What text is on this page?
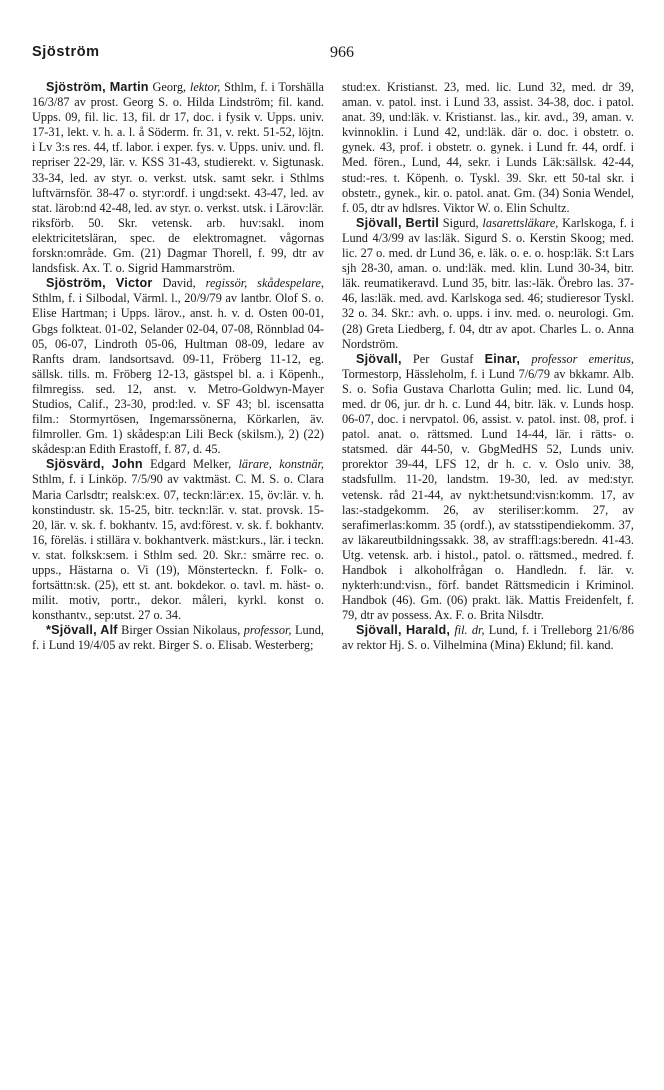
Sjöström	966

Sjöström, Martin Georg, lektor, Sthlm, f. i Torshälla 16/3/87 av prost. Georg S. o. Hilda Lindström; fil. kand. Upps. 09, fil. lic. 13, fil. dr 17, doc. i fysik v. Upps. univ. 17-31, lekt. v. h. a. l. å Söderm. fr. 31, v. rekt. 51-52, löjtn. i Lv 3:s res. 44, tf. labor. i exper. fys. v. Upps. univ. und. fl. repriser 22-29, lär. v. KSS 31-43, studierekt. v. Sigtunask. 33-34, led. av styr. o. verkst. utsk. samt sekr. i Sthlms luftvärnsför. 38-47 o. styr:ordf. i ungd:sekt. 43-47, led. av stat. lärob:nd 42-48, led. av styr. o. verkst. utsk. i Lärov:lär. riksförb. 50. Skr. vetensk. arb. huv:sakl. inom elektricitetsläran, spec. de elektromagnet. vågornas forskn:område. Gm. (21) Dagmar Thorell, f. 99, dtr av landsfisk. Ax. T. o. Sigrid Hammarström.

Sjöström, Victor David, regissör, skådespelare, Sthlm, f. i Silbodal, Värml. l., 20/9/79 av lantbr. Olof S. o. Elise Hartman; i Upps. lärov., anst. h. v. d. Osten 00-01, Gbgs folkteat. 01-02, Selander 02-04, 07-08, Rönnblad 04-05, 06-07, Lindroth 05-06, Hultman 08-09, ledare av Ranfts dram. landsortsavd. 09-11, Fröberg 11-12, eg. sällsk. tills. m. Fröberg 12-13, gästspel bl. a. i Köpenh., filmregiss. sed. 12, anst. v. Metro-Goldwyn-Mayer Studios, Calif., 23-30, prod:led. v. SF 43; bl. iscensatta film.: Stormyrtösen, Ingemarssönerna, Körkarlen, äv. filmroller. Gm. 1) skådesp:an Lili Beck (skilsm.), 2) (22) skådesp:an Edith Erastoff, f. 87, d. 45.

Sjösvärd, John Edgard Melker, lärare, konstnär, Sthlm, f. i Linköp. 7/5/90 av vaktmäst. C. M. S. o. Clara Maria Carlsdtr; realsk:ex. 07, teckn:lär:ex. 15, öv:lär. v. h. konstindustr. sk. 15-25, bitr. teckn:lär. v. stat. provsk. 15-20, lär. v. sk. f. bokhantv. 15, avd:förest. v. sk. f. bokhantv. 16, föreläs. i stillära v. bokhantverk. mäst:kurs., lär. i teckn. v. stat. folksk:sem. i Sthlm sed. 20. Skr.: smärre rec. o. upps., Hästarna o. Vi (19), Mönsterteckn. f. Folk- o. fortsättn:sk. (25), ett st. ant. bokdekor. o. tavl. m. häst- o. milit. motiv, portr., dekor. måleri, kyrkl. konst o. konsthantv., sep:utst. 27 o. 34.

*Sjövall, Alf Birger Ossian Nikolaus, professor, Lund, f. i Lund 19/4/05 av rekt. Birger S. o. Elisab. Westerberg;

stud:ex. Kristianst. 23, med. lic. Lund 32, med. dr 39, aman. v. patol. inst. i Lund 33, assist. 34-38, doc. i patol. anat. 39, und:läk. v. Kristianst. las., kir. avd., 39, aman. v. kvinnoklin. i Lund 42, und:läk. där o. doc. i obstetr. o. gynek. 43, prof. i obstetr. o. gynek. i Lund fr. 44, ordf. i Med. fören., Lund, 44, sekr. i Lunds Läk:sällsk. 42-44, stud:-res. t. Köpenh. o. Tyskl. 39. Skr. ett 50-tal skr. i obstetr., gynek., kir. o. patol. anat. Gm. (34) Sonia Wendel, f. 05, dtr av hdlsres. Viktor W. o. Elin Schultz.

Sjövall, Bertil Sigurd, lasarettsläkare, Karlskoga, f. i Lund 4/3/99 av las:läk. Sigurd S. o. Kerstin Skoog; med. lic. 27 o. med. dr Lund 36, e. läk. o. e. o. hosp:läk. S:t Lars sjh 28-30, aman. o. und:läk. med. klin. Lund 30-34, bitr. läk. reumatikeravd. Lund 35, bitr. las:-läk. Örebro las. 37-46, las:läk. med. avd. Karlskoga sed. 46; studieresor Tyskl. 32 o. 34. Skr.: avh. o. upps. i inv. med. o. neurologi. Gm. (28) Greta Liedberg, f. 04, dtr av apot. Charles L. o. Anna Nordström.

Sjövall, Per Gustaf Einar, professor emeritus, Tormestorp, Hässleholm, f. i Lund 7/6/79 av bkkamr. Alb. S. o. Sofia Gustava Charlotta Gulin; med. lic. Lund 04, med. dr 06, jur. dr h. c. Lund 44, bitr. läk. v. Lunds hosp. 06-07, doc. i nervpatol. 06, assist. v. patol. inst. 08, prof. i patol. anat. o. rättsmed. Lund 14-44, lär. i rätts- o. statsmed. där 44-50, v. GbgMedHS 52, Lunds univ. prorektor 39-44, LFS 12, dr h. c. v. Oslo univ. 38, stadsfullm. 11-20, landstm. 19-30, led. av med:styr. vetensk. råd 21-44, av nykt:hetsund:visn:komm. 17, av las:-stadgekomm. 26, av steriliser:komm. 27, av serafimerlas:komm. 35 (ordf.), av statsstipendiekomm. 37, av läkareutbildningssakk. 38, av straffl:ags:beredn. 41-43. Utg. vetensk. arb. i histol., patol. o. rättsmed., medred. f. Handbok i alkoholfrågan o. Handledn. f. lär. v. nykterh:und:visn., förf. bandet Rättsmedicin i Kriminol. Handbok (46). Gm. (06) prakt. läk. Mattis Freidenfelt, f. 79, dtr av possess. Ax. F. o. Brita Nilsdtr.

Sjövall, Harald, fil. dr, Lund, f. i Trelleborg 21/6/86 av rektor Hj. S. o. Vilhelmina (Mina) Eklund; fil. kand.
